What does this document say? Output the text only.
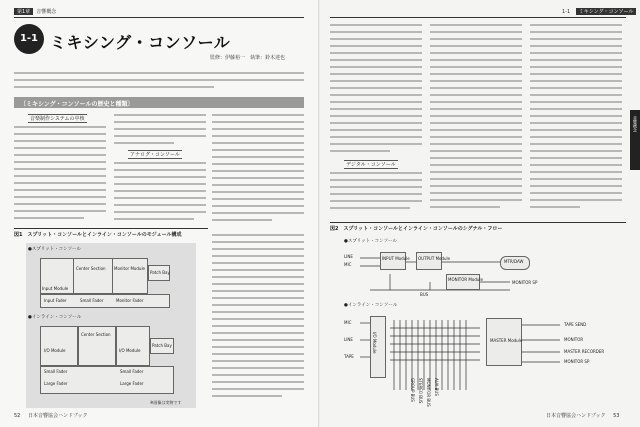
第1章 音響概念
1-1 ミキシング・コンソール
監修：伊藤裕一　執筆：鈴木達也
〔ミキシング・コンソールの歴史と種類〕
音楽制作システムの中核
アナログ・コンソール
図1　スプリット・コンソールとインライン・コンソールのモジュール構成
●スプリット・コンソール
Input Module
Center Section Monitor Module
Patch Bay
Input Fader	Small Fader	Monitor Fader
●インライン・コンソール
I/O Module
Center Section
I/O Module
Patch Bay
Small Fader
Large Fader
Small Fader
Large Fader
※画像は実物です
52 日本音響協会ハンドブック
1-1 ミキシング・コンソール
デジタル・コンソール
図2　スプリット・コンソールとインライン・コンソールのシグナル・フロー
●スプリット・コンソール
●インライン・コンソール
INPUT Module OUTPUT Module
MONITOR Module
MTR/DAW
LINE
MIC
MONITOR SP
BUS
I/O Module	MASTER Module
MIC
LINE
TAPE
TAPE SEND
MONITOR
MASTER RECORDER
MONITOR SP
GROUP BUS STEREO BUS MONITOR BUS AUX BUS
日本音響協会ハンドブック 53
音響概念
